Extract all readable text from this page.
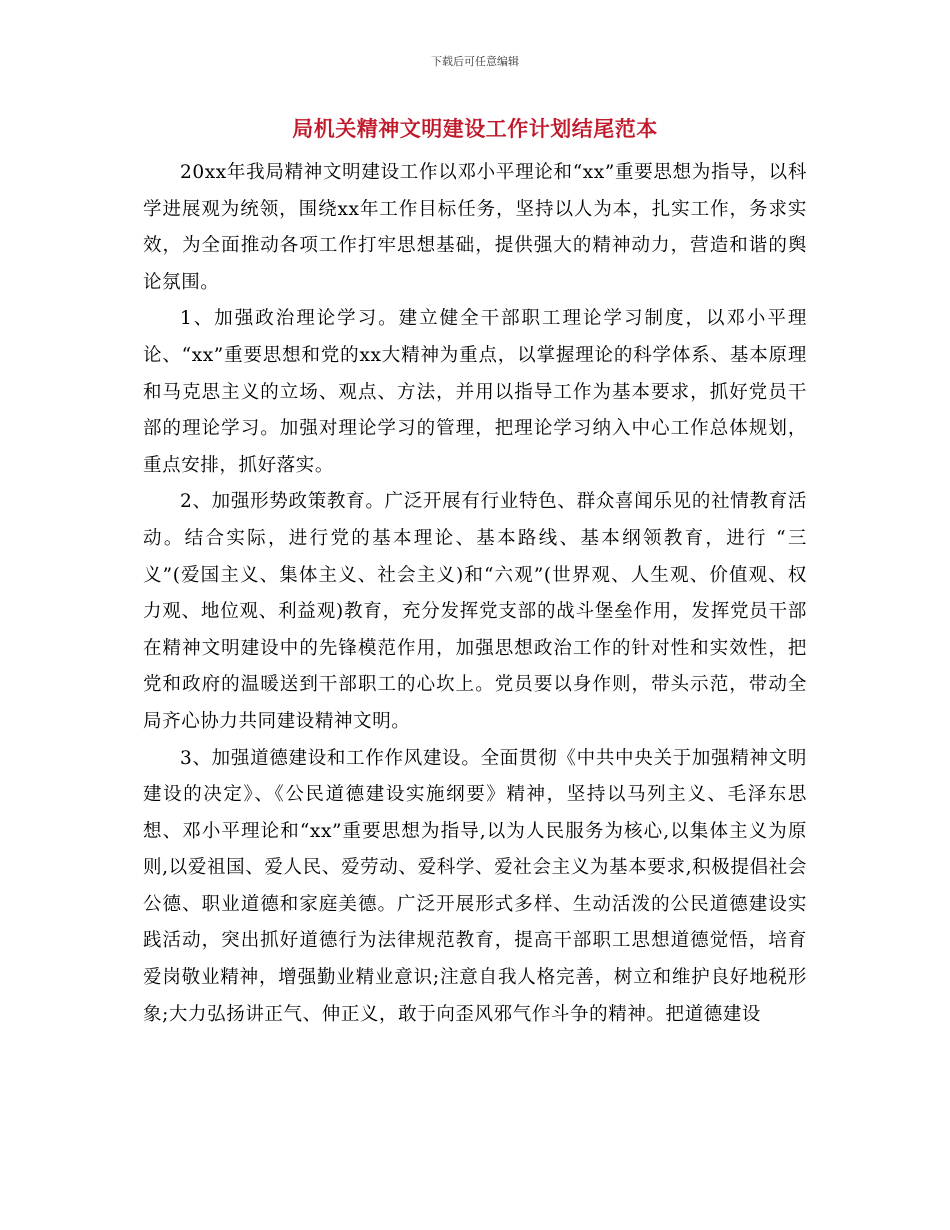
下载后可任意编辑
局机关精神文明建设工作计划结尾范本

20xx年我局精神文明建设工作以邓小平理论和“xx”重要思想为指导，以科学进展观为统领，围绕xx年工作目标任务，坚持以人为本，扎实工作，务求实效，为全面推动各项工作打牢思想基础，提供强大的精神动力，营造和谐的舆论氛围。

1、加强政治理论学习。建立健全干部职工理论学习制度，以邓小平理论、“xx”重要思想和党的xx大精神为重点，以掌握理论的科学体系、基本原理和马克思主义的立场、观点、方法，并用以指导工作为基本要求，抓好党员干部的理论学习。加强对理论学习的管理，把理论学习纳入中心工作总体规划，重点安排，抓好落实。

2、加强形势政策教育。广泛开展有行业特色、群众喜闻乐见的社情教育活动。结合实际，进行党的基本理论、基本路线、基本纲领教育，进行 “三义”(爱国主义、集体主义、社会主义)和“六观”(世界观、人生观、价值观、权力观、地位观、利益观)教育，充分发挥党支部的战斗堡垒作用，发挥党员干部在精神文明建设中的先锋模范作用，加强思想政治工作的针对性和实效性，把党和政府的温暖送到干部职工的心坎上。党员要以身作则，带头示范，带动全局齐心协力共同建设精神文明。

3、加强道德建设和工作作风建设。全面贯彻《中共中央关于加强精神文明建设的决定》、《公民道德建设实施纲要》精神，坚持以马列主义、毛泽东思想、邓小平理论和“xx”重要思想为指导,以为人民服务为核心,以集体主义为原则,以爱祖国、爱人民、爱劳动、爱科学、爱社会主义为基本要求,积极提倡社会公德、职业道德和家庭美德。广泛开展形式多样、生动活泼的公民道德建设实践活动，突出抓好道德行为法律规范教育，提高干部职工思想道德觉悟，培育爱岗敬业精神，增强勤业精业意识;注意自我人格完善，树立和维护良好地税形象;大力弘扬讲正气、伸正义，敢于向歪风邪气作斗争的精神。把道德建设
